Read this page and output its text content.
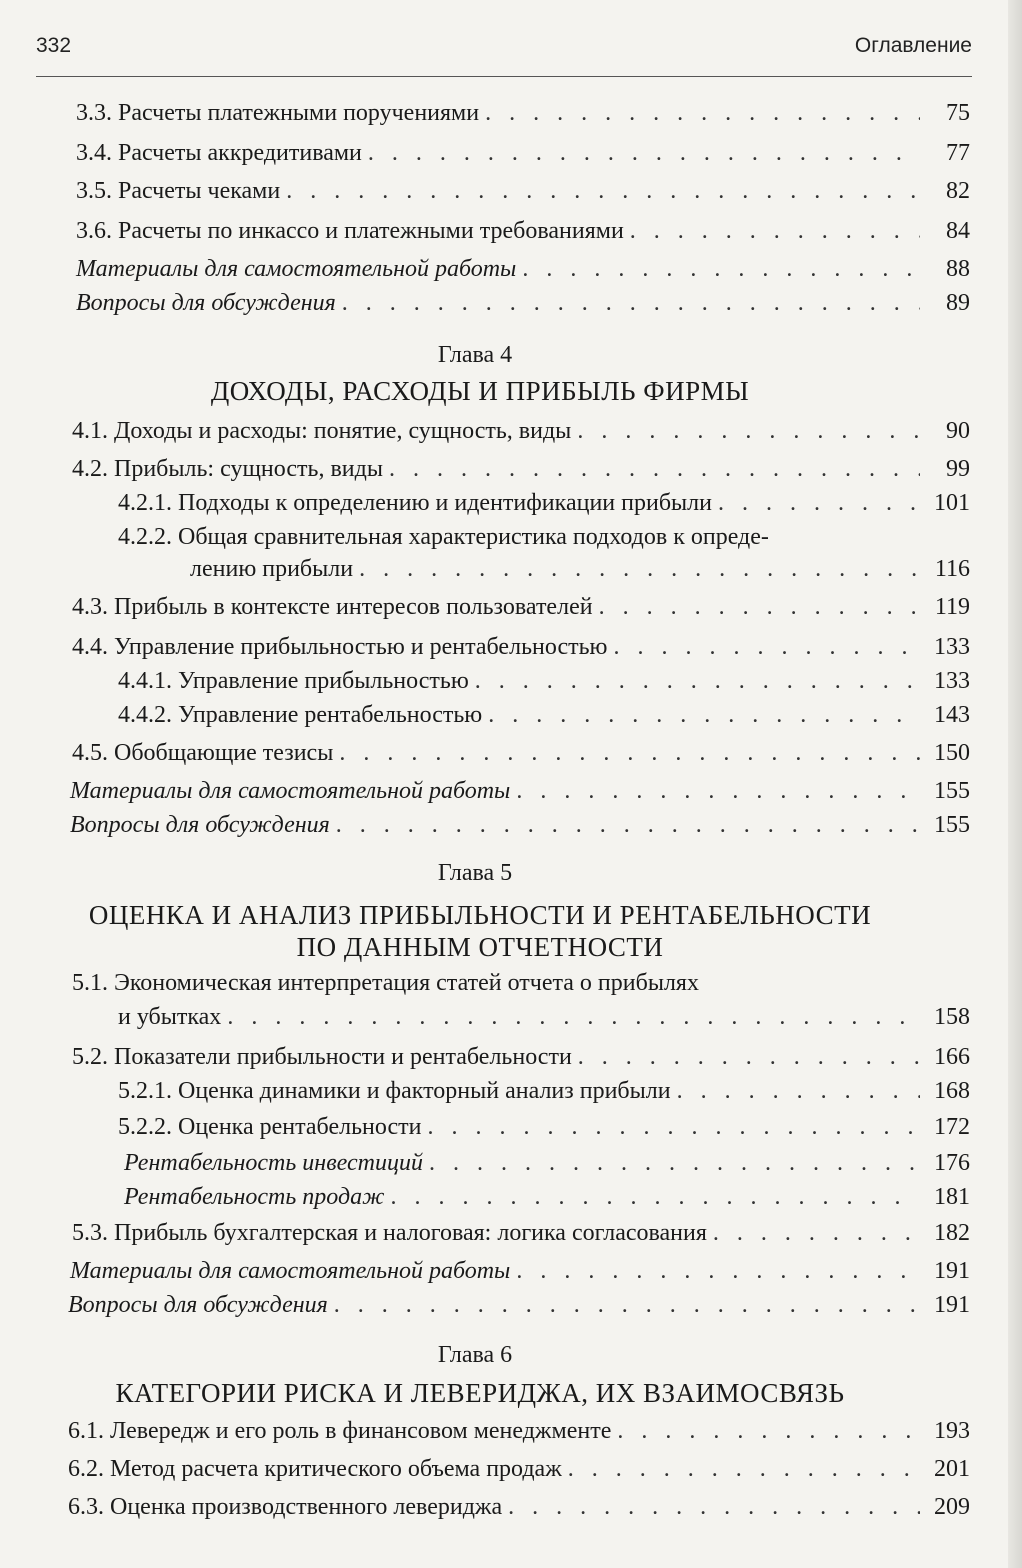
332	Оглавление
3.3. Расчеты платежными поручениями . . .	75
3.4. Расчеты аккредитивами . . .	77
3.5. Расчеты чеками . . .	82
3.6. Расчеты по инкассо и платежными требованиями . . .	84
Материалы для самостоятельной работы . . .	88
Вопросы для обсуждения . . .	89
Глава 4
ДОХОДЫ, РАСХОДЫ И ПРИБЫЛЬ ФИРМЫ
4.1. Доходы и расходы: понятие, сущность, виды . . .	90
4.2. Прибыль: сущность, виды . . .	99
4.2.1. Подходы к определению и идентификации прибыли . . .	101
4.2.2. Общая сравнительная характеристика подходов к опреде-
лению прибыли . . .	116
4.3. Прибыль в контексте интересов пользователей . . .	119
4.4. Управление прибыльностью и рентабельностью . . .	133
4.4.1. Управление прибыльностью . . .	133
4.4.2. Управление рентабельностью . . .	143
4.5. Обобщающие тезисы . . .	150
Материалы для самостоятельной работы . . .	155
Вопросы для обсуждения . . .	155
Глава 5
ОЦЕНКА И АНАЛИЗ ПРИБЫЛЬНОСТИ И РЕНТАБЕЛЬНОСТИ
ПО ДАННЫМ ОТЧЕТНОСТИ
5.1. Экономическая интерпретация статей отчета о прибылях
и убытках . . .	158
5.2. Показатели прибыльности и рентабельности . . .	166
5.2.1. Оценка динамики и факторный анализ прибыли . . .	168
5.2.2. Оценка рентабельности . . .	172
Рентабельность инвестиций . . .	176
Рентабельность продаж . . .	181
5.3. Прибыль бухгалтерская и налоговая: логика согласования . . .	182
Материалы для самостоятельной работы . . .	191
Вопросы для обсуждения . . .	191
Глава 6
КАТЕГОРИИ РИСКА И ЛЕВЕРИДЖА, ИХ ВЗАИМОСВЯЗЬ
6.1. Левередж и его роль в финансовом менеджменте . . .	193
6.2. Метод расчета критического объема продаж . . .	201
6.3. Оценка производственного левериджа . . .	209
